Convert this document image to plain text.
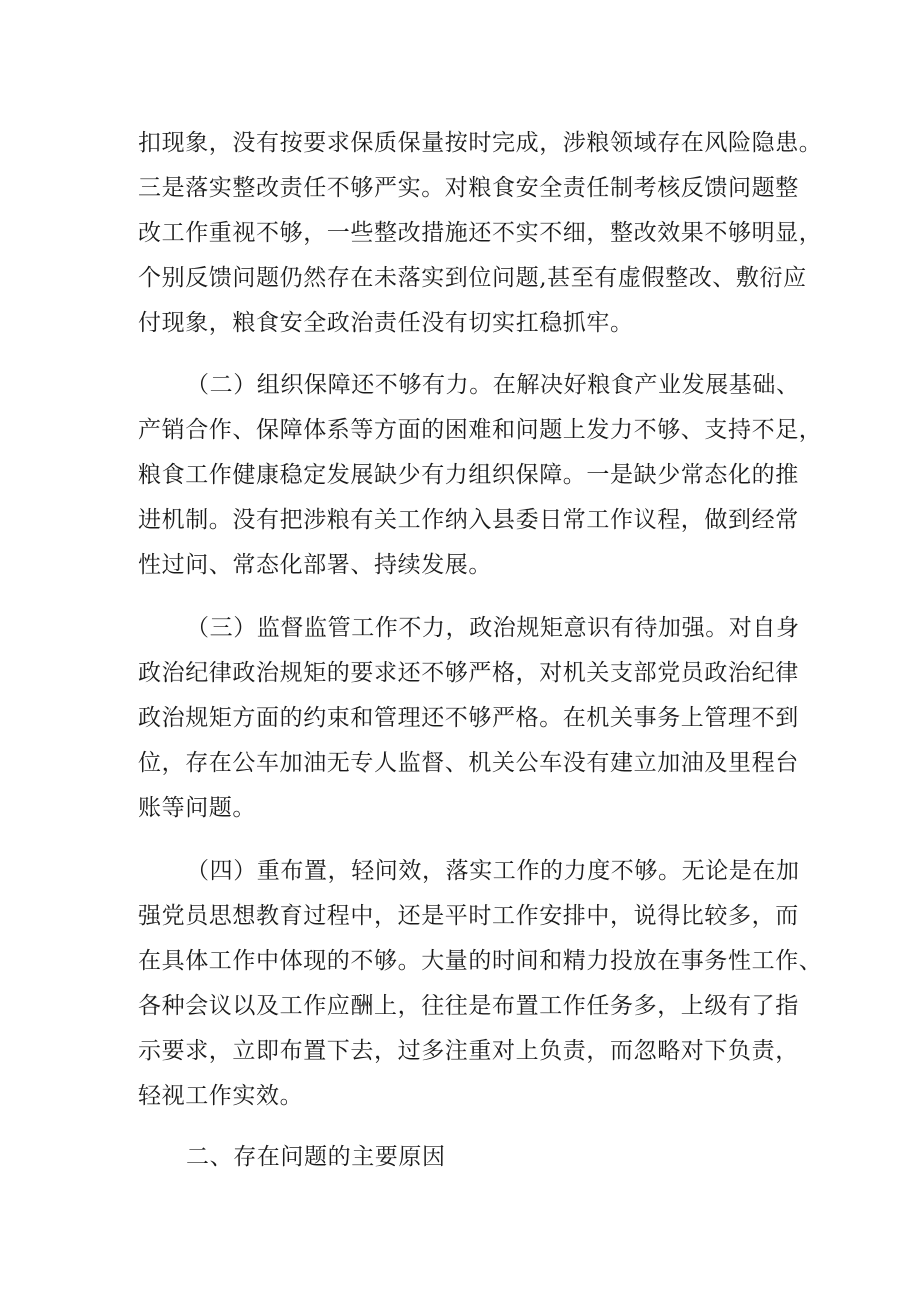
扣现象，没有按要求保质保量按时完成，涉粮领域存在风险隐患。
三是落实整改责任不够严实。对粮食安全责任制考核反馈问题整
改工作重视不够，一些整改措施还不实不细，整改效果不够明显，
个别反馈问题仍然存在未落实到位问题,甚至有虚假整改、敷衍应
付现象，粮食安全政治责任没有切实扛稳抓牢。
（二）组织保障还不够有力。在解决好粮食产业发展基础、
产销合作、保障体系等方面的困难和问题上发力不够、支持不足，
粮食工作健康稳定发展缺少有力组织保障。一是缺少常态化的推
进机制。没有把涉粮有关工作纳入县委日常工作议程，做到经常
性过问、常态化部署、持续发展。
（三）监督监管工作不力，政治规矩意识有待加强。对自身
政治纪律政治规矩的要求还不够严格，对机关支部党员政治纪律
政治规矩方面的约束和管理还不够严格。在机关事务上管理不到
位，存在公车加油无专人监督、机关公车没有建立加油及里程台
账等问题。
（四）重布置，轻问效，落实工作的力度不够。无论是在加
强党员思想教育过程中，还是平时工作安排中，说得比较多，而
在具体工作中体现的不够。大量的时间和精力投放在事务性工作、
各种会议以及工作应酬上，往往是布置工作任务多，上级有了指
示要求，立即布置下去，过多注重对上负责，而忽略对下负责，
轻视工作实效。
二、存在问题的主要原因
